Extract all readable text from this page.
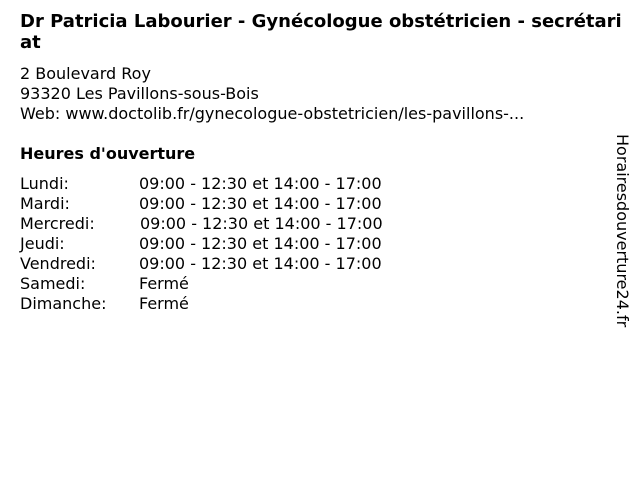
Dr Patricia Labourier - Gynécologue obstétricien - secrétariat
2 Boulevard Roy
93320 Les Pavillons-sous-Bois
Web: www.doctolib.fr/gynecologue-obstetricien/les-pavillons-...
Heures d'ouverture
Lundi:	09:00 - 12:30 et 14:00 - 17:00
Mardi:	09:00 - 12:30 et 14:00 - 17:00
Mercredi:	09:00 - 12:30 et 14:00 - 17:00
Jeudi:	09:00 - 12:30 et 14:00 - 17:00
Vendredi:	09:00 - 12:30 et 14:00 - 17:00
Samedi:	Fermé
Dimanche:	Fermé	Horairesdouverture24.fr
